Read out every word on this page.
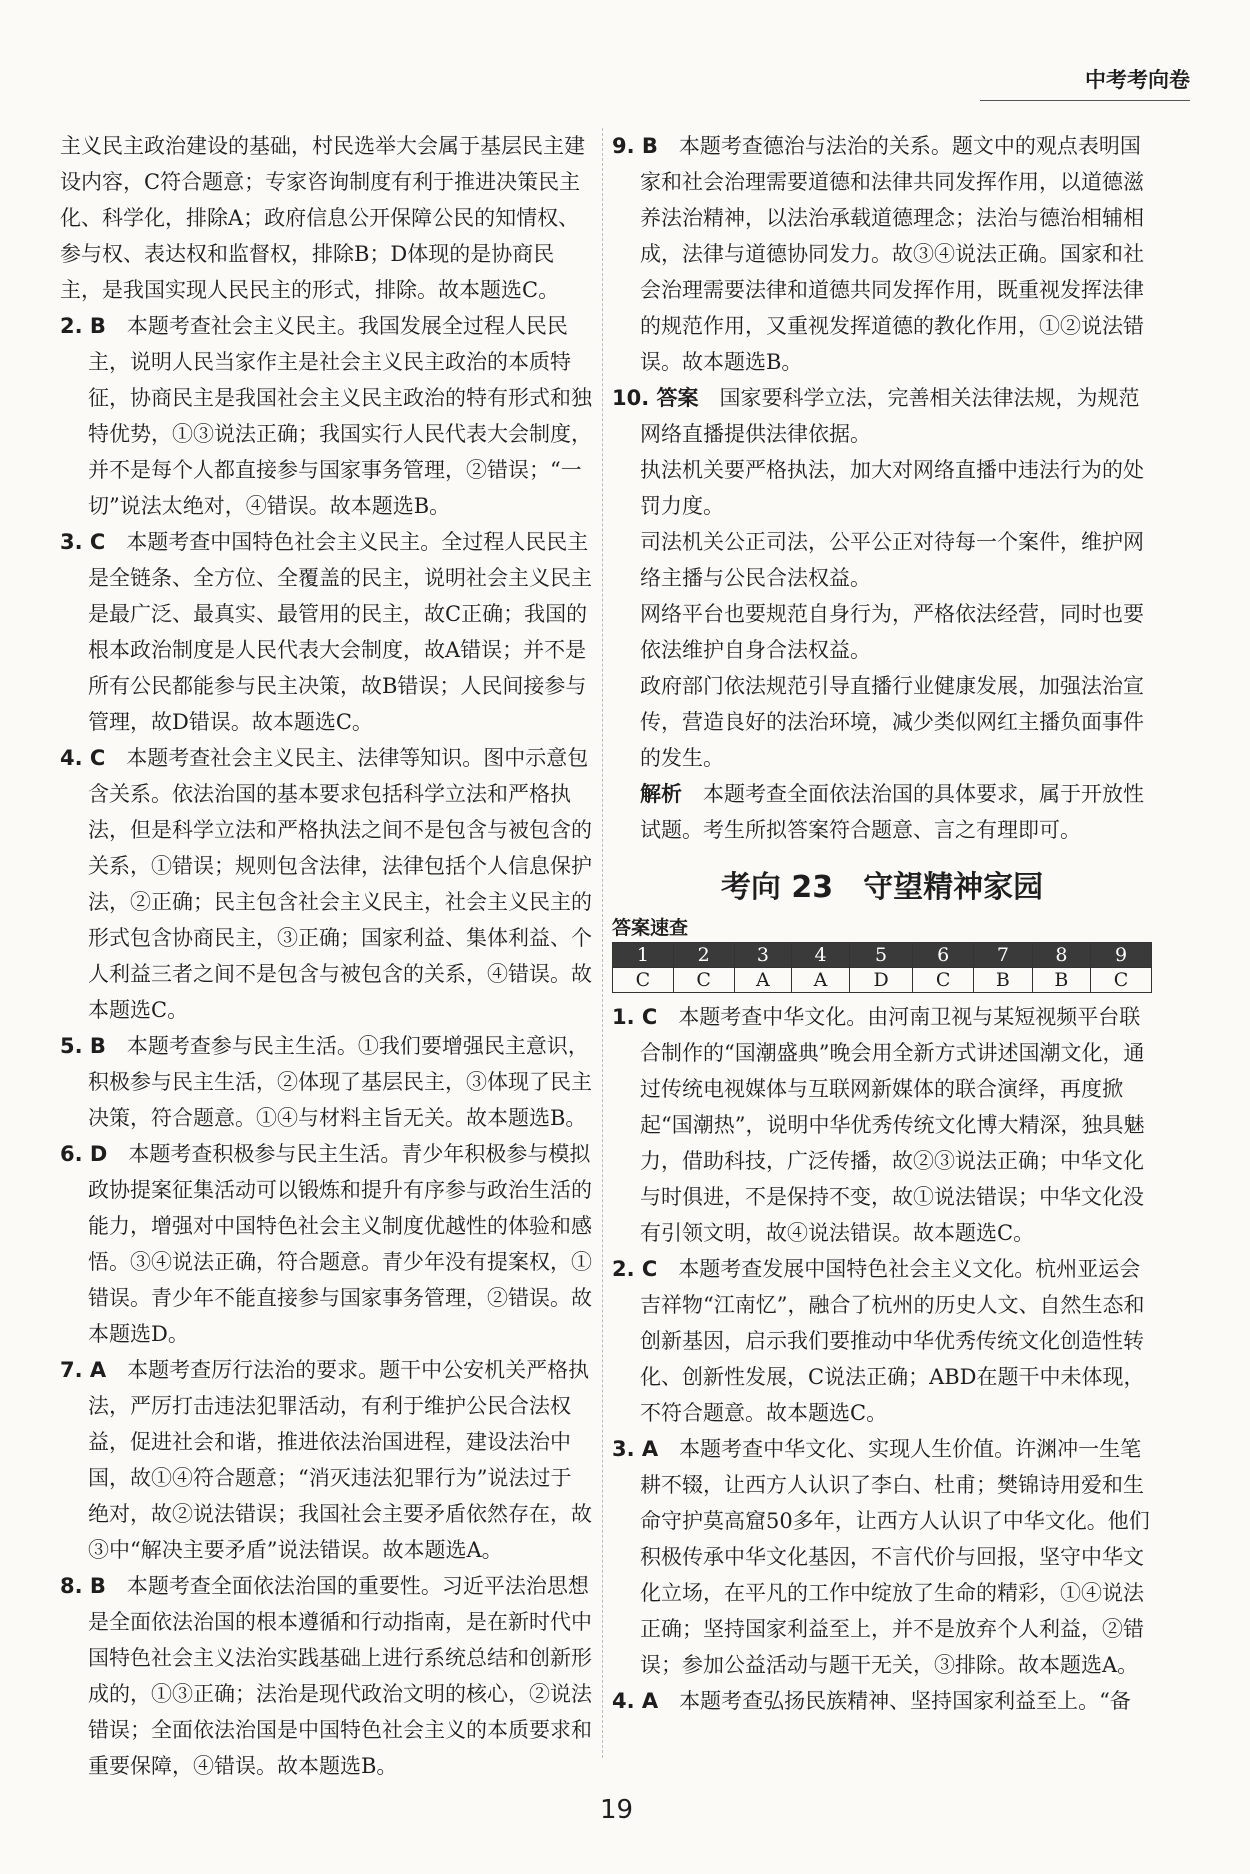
中考考向卷

主义民主政治建设的基础，村民选举大会属于基层民主建设内容，C符合题意；专家咨询制度有利于推进决策民主化、科学化，排除A；政府信息公开保障公民的知情权、参与权、表达权和监督权，排除B；D体现的是协商民主，是我国实现人民民主的形式，排除。故本题选C。

2. B　 本题考查社会主义民主。我国发展全过程人民民主，说明人民当家作主是社会主义民主政治的本质特征，协商民主是我国社会主义民主政治的特有形式和独特优势，①③说法正确；我国实行人民代表大会制度，并不是每个人都直接参与国家事务管理，②错误；“一切”说法太绝对，④错误。故本题选B。

3. C　 本题考查中国特色社会主义民主。全过程人民民主是全链条、全方位、全覆盖的民主，说明社会主义民主是最广泛、最真实、最管用的民主，故C正确；我国的根本政治制度是人民代表大会制度，故A错误；并不是所有公民都能参与民主决策，故B错误；人民间接参与管理，故D错误。故本题选C。

4. C　 本题考查社会主义民主、法律等知识。图中示意包含关系。依法治国的基本要求包括科学立法和严格执法，但是科学立法和严格执法之间不是包含与被包含的关系，①错误；规则包含法律，法律包括个人信息保护法，②正确；民主包含社会主义民主，社会主义民主的形式包含协商民主，③正确；国家利益、集体利益、个人利益三者之间不是包含与被包含的关系，④错误。故本题选C。

5. B　 本题考查参与民主生活。①我们要增强民主意识，积极参与民主生活，②体现了基层民主，③体现了民主决策，符合题意。①④与材料主旨无关。故本题选B。

6. D　 本题考查积极参与民主生活。青少年积极参与模拟政协提案征集活动可以锻炼和提升有序参与政治生活的能力，增强对中国特色社会主义制度优越性的体验和感悟。③④说法正确，符合题意。青少年没有提案权，①错误。青少年不能直接参与国家事务管理，②错误。故本题选D。

7. A　 本题考查厉行法治的要求。题干中公安机关严格执法，严厉打击违法犯罪活动，有利于维护公民合法权益，促进社会和谐，推进依法治国进程，建设法治中国，故①④符合题意；“消灭违法犯罪行为”说法过于绝对，故②说法错误；我国社会主要矛盾依然存在，故③中“解决主要矛盾”说法错误。故本题选A。

8. B　 本题考查全面依法治国的重要性。习近平法治思想是全面依法治国的根本遵循和行动指南，是在新时代中国特色社会主义法治实践基础上进行系统总结和创新形成的，①③正确；法治是现代政治文明的核心，②说法错误；全面依法治国是中国特色社会主义的本质要求和重要保障，④错误。故本题选B。

9. B　 本题考查德治与法治的关系。题文中的观点表明国家和社会治理需要道德和法律共同发挥作用，以道德滋养法治精神，以法治承载道德理念；法治与德治相辅相成，法律与道德协同发力。故③④说法正确。国家和社会治理需要法律和道德共同发挥作用，既重视发挥法律的规范作用，又重视发挥道德的教化作用，①②说法错误。故本题选B。

10. 答案　 国家要科学立法，完善相关法律法规，为规范网络直播提供法律依据。

执法机关要严格执法，加大对网络直播中违法行为的处罚力度。

司法机关公正司法，公平公正对待每一个案件，维护网络主播与公民合法权益。

网络平台也要规范自身行为，严格依法经营，同时也要依法维护自身合法权益。

政府部门依法规范引导直播行业健康发展，加强法治宣传，营造良好的法治环境，减少类似网红主播负面事件的发生。

解析　 本题考查全面依法治国的具体要求，属于开放性试题。考生所拟答案符合题意、言之有理即可。

考向 23　守望精神家园
答案速查
1	2	3	4	5	6	7	8	9
C	C	A	A	D	C	B	B	C

1. C　 本题考查中华文化。由河南卫视与某短视频平台联合制作的“国潮盛典”晚会用全新方式讲述国潮文化，通过传统电视媒体与互联网新媒体的联合演绎，再度掀起“国潮热”，说明中华优秀传统文化博大精深，独具魅力，借助科技，广泛传播，故②③说法正确；中华文化与时俱进，不是保持不变，故①说法错误；中华文化没有引领文明，故④说法错误。故本题选C。

2. C　 本题考查发展中国特色社会主义文化。杭州亚运会吉祥物“江南忆”，融合了杭州的历史人文、自然生态和创新基因，启示我们要推动中华优秀传统文化创造性转化、创新性发展，C说法正确；ABD在题干中未体现，不符合题意。故本题选C。

3. A　 本题考查中华文化、实现人生价值。许渊冲一生笔耕不辍，让西方人认识了李白、杜甫；樊锦诗用爱和生命守护莫高窟50多年，让西方人认识了中华文化。他们积极传承中华文化基因，不言代价与回报，坚守中华文化立场，在平凡的工作中绽放了生命的精彩，①④说法正确；坚持国家利益至上，并不是放弃个人利益，②错误；参加公益活动与题干无关，③排除。故本题选A。

4. A　 本题考查弘扬民族精神、坚持国家利益至上。“备

19
